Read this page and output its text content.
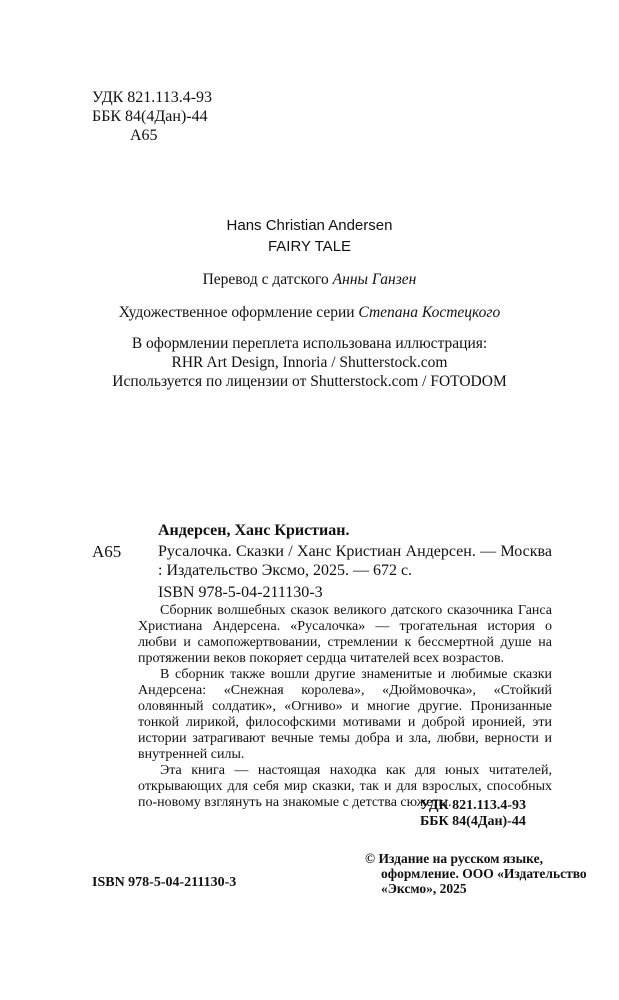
УДК 821.113.4-93
ББК 84(4Дан)-44
А65
Hans Christian Andersen
FAIRY TALE
Перевод с датского Анны Ганзен
Художественное оформление серии Степана Костецкого
В оформлении переплета использована иллюстрация:
RHR Art Design, Innoria / Shutterstock.com
Используется по лицензии от Shutterstock.com / FOTODOM
Андерсен, Ханс Кристиан.
А65 Русалочка. Сказки / Ханс Кристиан Андерсен. — Москва : Издательство Эксмо, 2025. — 672 с.
ISBN 978-5-04-211130-3

Сборник волшебных сказок великого датского сказочника Ганса Христиана Андерсена. «Русалочка» — трогательная история о любви и самопожертвовании, стремлении к бессмертной душе на протяжении веков покоряет сердца читателей всех возрастов.

В сборник также вошли другие знаменитые и любимые сказки Андерсена: «Снежная королева», «Дюймовочка», «Стойкий оловянный солдатик», «Огниво» и многие другие. Пронизанные тонкой лирикой, философскими мотивами и доброй иронией, эти истории затрагивают вечные темы добра и зла, любви, верности и внутренней силы.

Эта книга — настоящая находка как для юных читателей, открывающих для себя мир сказки, так и для взрослых, способных по-новому взглянуть на знакомые с детства сюжеты.

УДК 821.113.4-93
ББК 84(4Дан)-44
ISBN 978-5-04-211130-3
© Издание на русском языке,
оформление. ООО «Издательство
«Эксмо», 2025
